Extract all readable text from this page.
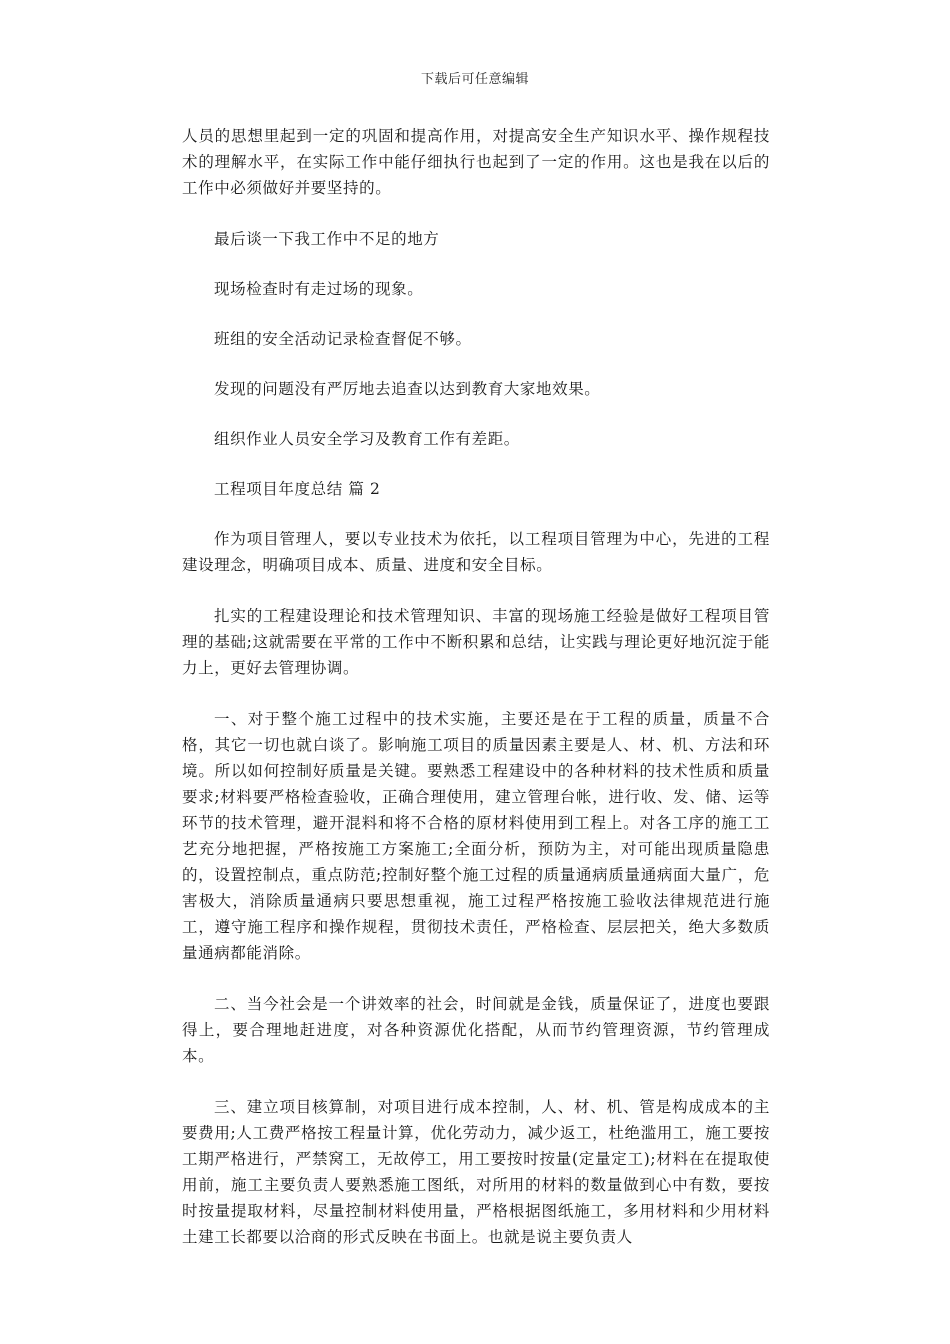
下载后可任意编辑

人员的思想里起到一定的巩固和提高作用，对提高安全生产知识水平、操作规程技术的理解水平，在实际工作中能仔细执行也起到了一定的作用。这也是我在以后的工作中必须做好并要坚持的。

最后谈一下我工作中不足的地方

现场检查时有走过场的现象。

班组的安全活动记录检查督促不够。

发现的问题没有严厉地去追查以达到教育大家地效果。

组织作业人员安全学习及教育工作有差距。

工程项目年度总结 篇 2

作为项目管理人，要以专业技术为依托，以工程项目管理为中心，先进的工程建设理念，明确项目成本、质量、进度和安全目标。

扎实的工程建设理论和技术管理知识、丰富的现场施工经验是做好工程项目管理的基础;这就需要在平常的工作中不断积累和总结，让实践与理论更好地沉淀于能力上，更好去管理协调。

一、对于整个施工过程中的技术实施，主要还是在于工程的质量，质量不合格，其它一切也就白谈了。影响施工项目的质量因素主要是人、材、机、方法和环境。所以如何控制好质量是关键。要熟悉工程建设中的各种材料的技术性质和质量要求;材料要严格检查验收，正确合理使用，建立管理台帐，进行收、发、储、运等环节的技术管理，避开混料和将不合格的原材料使用到工程上。对各工序的施工工艺充分地把握，严格按施工方案施工;全面分析，预防为主，对可能出现质量隐患的，设置控制点，重点防范;控制好整个施工过程的质量通病质量通病面大量广，危害极大，消除质量通病只要思想重视，施工过程严格按施工验收法律规范进行施工，遵守施工程序和操作规程，贯彻技术责任，严格检查、层层把关，绝大多数质量通病都能消除。

二、当今社会是一个讲效率的社会，时间就是金钱，质量保证了，进度也要跟得上，要合理地赶进度，对各种资源优化搭配，从而节约管理资源，节约管理成本。

三、建立项目核算制，对项目进行成本控制，人、材、机、管是构成成本的主要费用;人工费严格按工程量计算，优化劳动力，减少返工，杜绝滥用工，施工要按工期严格进行，严禁窝工，无故停工，用工要按时按量(定量定工);材料在在提取使用前，施工主要负责人要熟悉施工图纸，对所用的材料的数量做到心中有数，要按时按量提取材料，尽量控制材料使用量，严格根据图纸施工，多用材料和少用材料土建工长都要以洽商的形式反映在书面上。也就是说主要负责人
